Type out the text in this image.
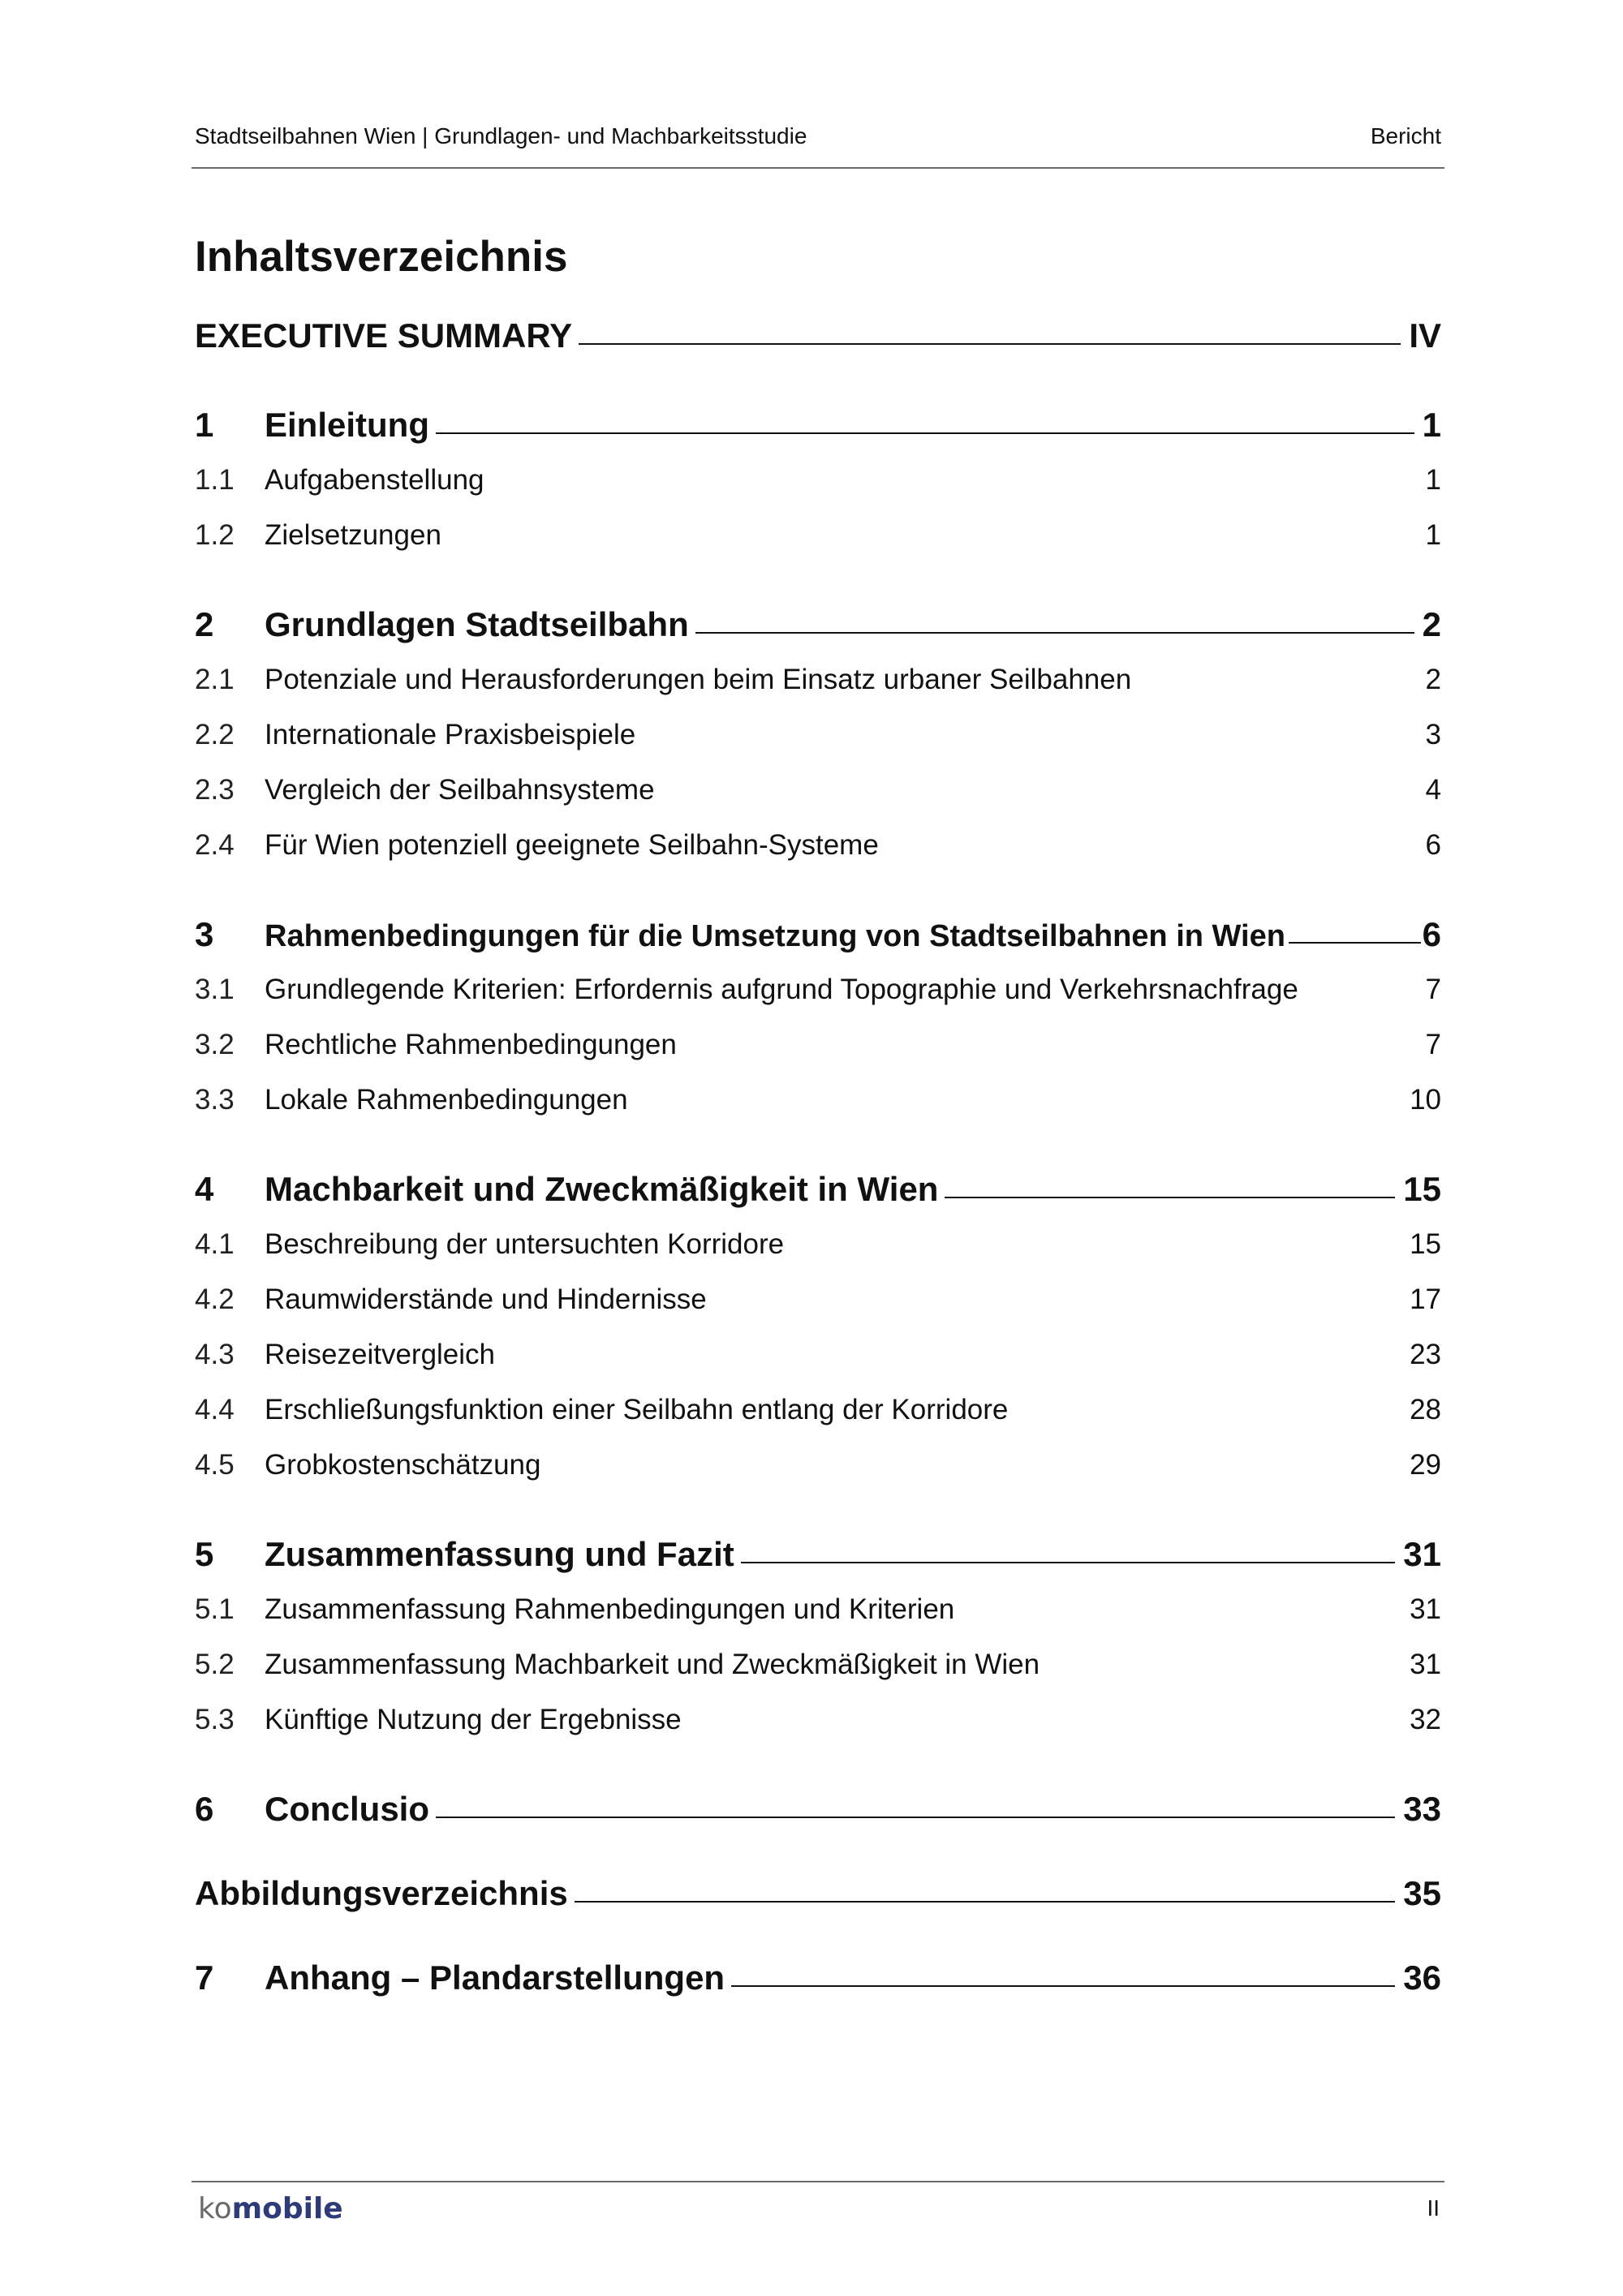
Stadtseilbahnen Wien | Grundlagen- und Machbarkeitsstudie	Bericht
Inhaltsverzeichnis
EXECUTIVE SUMMARY	IV
1	Einleitung	1
1.1	Aufgabenstellung	1
1.2	Zielsetzungen	1
2	Grundlagen Stadtseilbahn	2
2.1	Potenziale und Herausforderungen beim Einsatz urbaner Seilbahnen	2
2.2	Internationale Praxisbeispiele	3
2.3	Vergleich der Seilbahnsysteme	4
2.4	Für Wien potenziell geeignete Seilbahn-Systeme	6
3	Rahmenbedingungen für die Umsetzung von Stadtseilbahnen in Wien	6
3.1	Grundlegende Kriterien: Erfordernis aufgrund Topographie und Verkehrsnachfrage	7
3.2	Rechtliche Rahmenbedingungen	7
3.3	Lokale Rahmenbedingungen	10
4	Machbarkeit und Zweckmäßigkeit in Wien	15
4.1	Beschreibung der untersuchten Korridore	15
4.2	Raumwiderstände und Hindernisse	17
4.3	Reisezeitvergleich	23
4.4	Erschließungsfunktion einer Seilbahn entlang der Korridore	28
4.5	Grobkostenschätzung	29
5	Zusammenfassung und Fazit	31
5.1	Zusammenfassung Rahmenbedingungen und Kriterien	31
5.2	Zusammenfassung Machbarkeit und Zweckmäßigkeit in Wien	31
5.3	Künftige Nutzung der Ergebnisse	32
6	Conclusio	33
Abbildungsverzeichnis	35
7	Anhang – Plandarstellungen	36
komobile	II
